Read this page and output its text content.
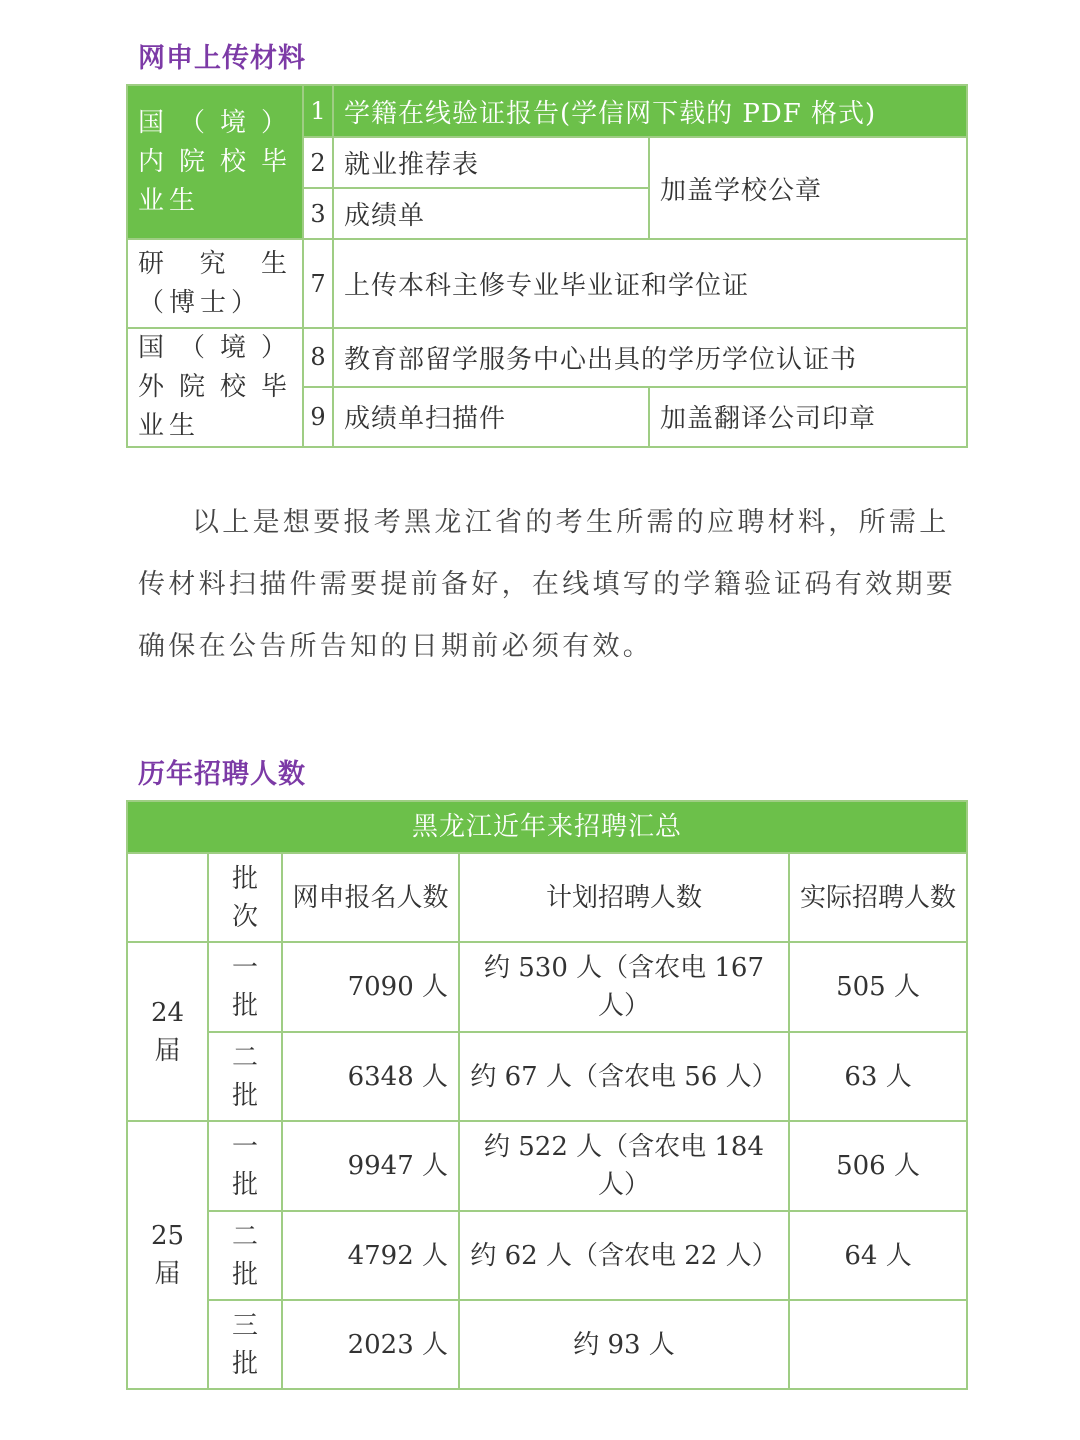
网申上传材料
国（境）内院校毕业生	1	学籍在线验证报告(学信网下载的 PDF 格式)	
	2	就业推荐表	加盖学校公章
	3	成绩单	
研究生（博士）	7	上传本科主修专业毕业证和学位证	
国（境）外院校毕业生	8	教育部留学服务中心出具的学历学位认证书	
	9	成绩单扫描件	加盖翻译公司印章

以上是想要报考黑龙江省的考生所需的应聘材料，所需上传材料扫描件需要提前备好，在线填写的学籍验证码有效期要确保在公告所告知的日期前必须有效。

历年招聘人数
黑龙江近年来招聘汇总				
	批次	网申报名人数	计划招聘人数	实际招聘人数
24届	一批	7090 人	约 530 人（含农电 167 人）	505 人
	二批	6348 人	约 67 人（含农电 56 人）	63 人
25届	一批	9947 人	约 522 人（含农电 184 人）	506 人
	二批	4792 人	约 62 人（含农电 22 人）	64 人
	三批	2023 人	约 93 人	
